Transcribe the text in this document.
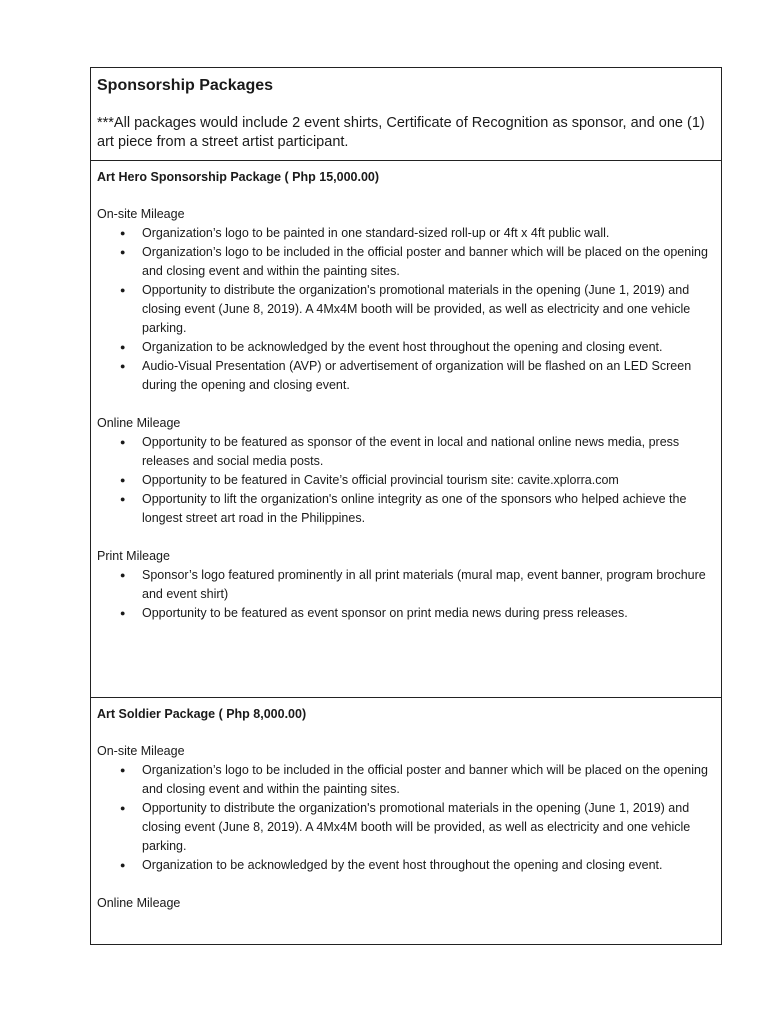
Sponsorship Packages

***All packages would include 2 event shirts, Certificate of Recognition as sponsor, and one (1) art piece from a street artist participant.

Art Hero Sponsorship Package ( Php 15,000.00)

On-site Mileage

● Organization’s logo to be painted in one standard-sized roll-up or 4ft x 4ft public wall.
● Organization’s logo to be included in the official poster and banner which will be placed on the opening and closing event and within the painting sites.
● Opportunity to distribute the organization's promotional materials in the opening (June 1, 2019) and closing event (June 8, 2019). A 4Mx4M booth will be provided, as well as electricity and one vehicle parking.
● Organization to be acknowledged by the event host throughout the opening and closing event.
● Audio-Visual Presentation (AVP) or advertisement of organization will be flashed on an LED Screen during the opening and closing event.

Online Mileage

● Opportunity to be featured as sponsor of the event in local and national online news media, press releases and social media posts.
● Opportunity to be featured in Cavite’s official provincial tourism site: cavite.xplorra.com
● Opportunity to lift the organization's online integrity as one of the sponsors who helped achieve the longest street art road in the Philippines.

Print Mileage

● Sponsor’s logo featured prominently in all print materials (mural map, event banner, program brochure and event shirt)
● Opportunity to be featured as event sponsor on print media news during press releases.

Art Soldier Package ( Php 8,000.00)

On-site Mileage

● Organization’s logo to be included in the official poster and banner which will be placed on the opening and closing event and within the painting sites.
● Opportunity to distribute the organization's promotional materials in the opening (June 1, 2019) and closing event (June 8, 2019). A 4Mx4M booth will be provided, as well as electricity and one vehicle parking.
● Organization to be acknowledged by the event host throughout the opening and closing event.

Online Mileage
